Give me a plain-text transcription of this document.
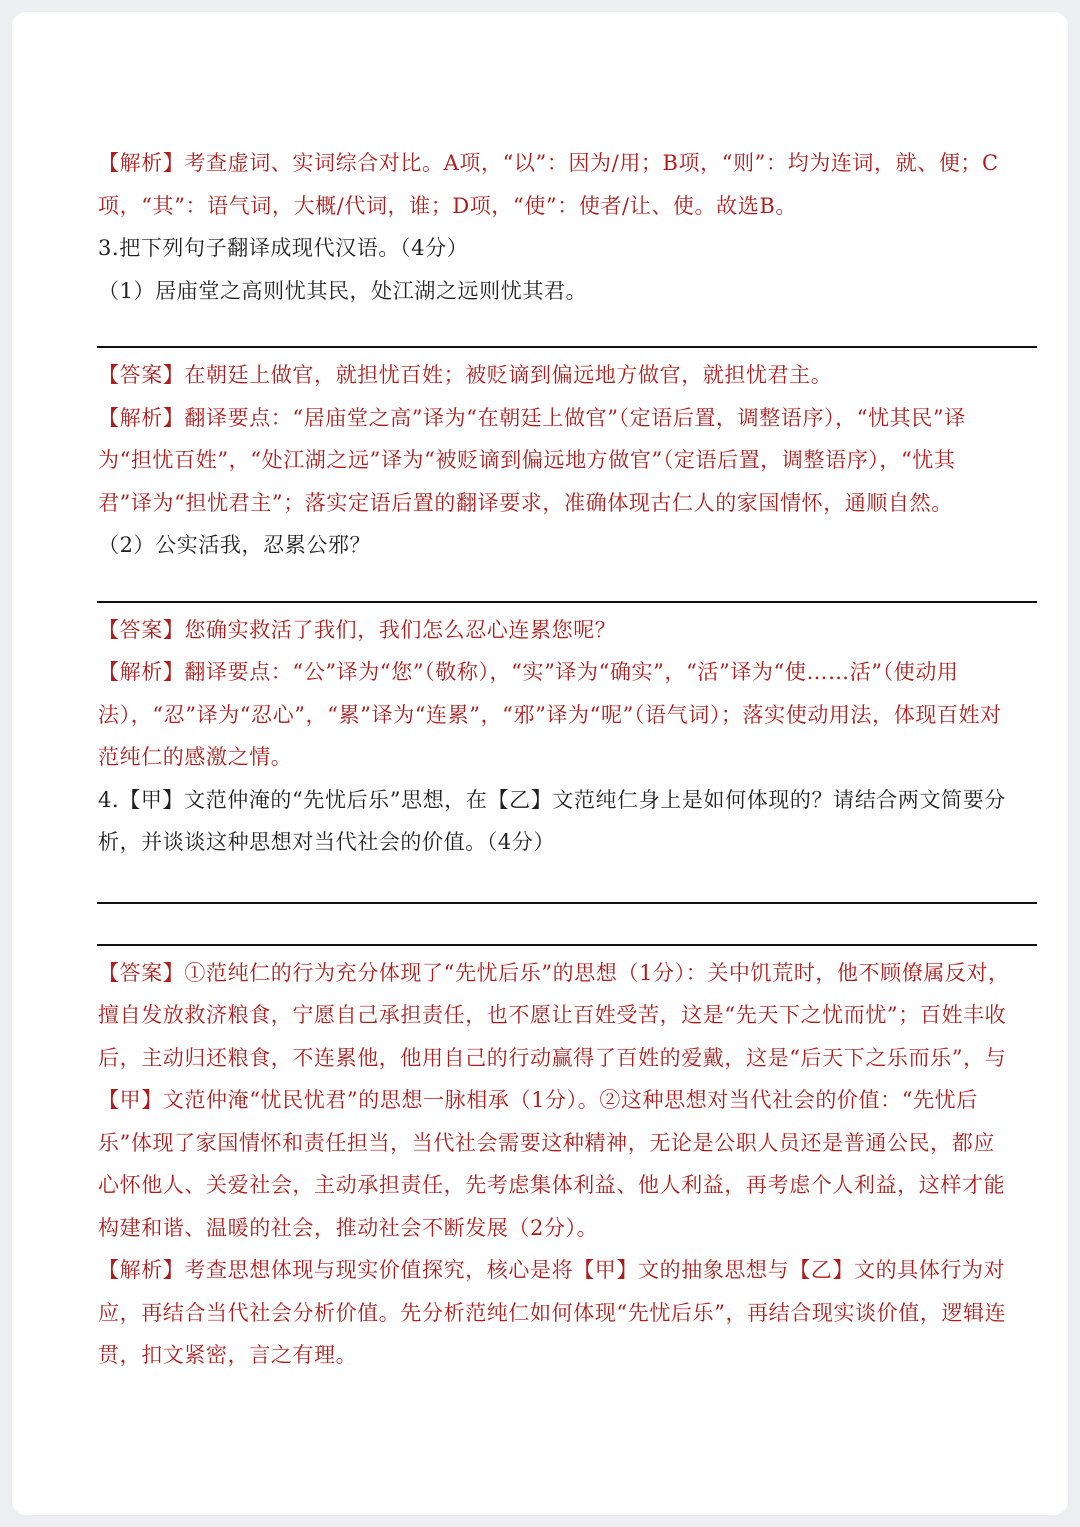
【解析】考查虚词、实词综合对比。A项，“以”：因为/用；B项，“则”：均为连词，就、便；C项，“其”：语气词，大概/代词，谁；D项，“使”：使者/让、使。故选B。

3.把下列句子翻译成现代汉语。（4分）

（1）居庙堂之高则忧其民，处江湖之远则忧其君。

【答案】在朝廷上做官，就担忧百姓；被贬谪到偏远地方做官，就担忧君主。

【解析】翻译要点：“居庙堂之高”译为“在朝廷上做官”（定语后置，调整语序），“忧其民”译为“担忧百姓”，“处江湖之远”译为“被贬谪到偏远地方做官”（定语后置，调整语序），“忧其君”译为“担忧君主”；落实定语后置的翻译要求，准确体现古仁人的家国情怀，通顺自然。

（2）公实活我，忍累公邪？

【答案】您确实救活了我们，我们怎么忍心连累您呢？

【解析】翻译要点：“公”译为“您”（敬称），“实”译为“确实”，“活”译为“使……活”（使动用法），“忍”译为“忍心”，“累”译为“连累”，“邪”译为“呢”（语气词）；落实使动用法，体现百姓对范纯仁的感激之情。

4.【甲】文范仲淹的“先忧后乐”思想，在【乙】文范纯仁身上是如何体现的？请结合两文简要分析，并谈谈这种思想对当代社会的价值。（4分）

【答案】①范纯仁的行为充分体现了“先忧后乐”的思想（1分）：关中饥荒时，他不顾僚属反对，擅自发放救济粮食，宁愿自己承担责任，也不愿让百姓受苦，这是“先天下之忧而忧”；百姓丰收后，主动归还粮食，不连累他，他用自己的行动赢得了百姓的爱戴，这是“后天下之乐而乐”，与【甲】文范仲淹“忧民忧君”的思想一脉相承（1分）。②这种思想对当代社会的价值：“先忧后乐”体现了家国情怀和责任担当，当代社会需要这种精神，无论是公职人员还是普通公民，都应心怀他人、关爱社会，主动承担责任，先考虑集体利益、他人利益，再考虑个人利益，这样才能构建和谐、温暖的社会，推动社会不断发展（2分）。

【解析】考查思想体现与现实价值探究，核心是将【甲】文的抽象思想与【乙】文的具体行为对应，再结合当代社会分析价值。先分析范纯仁如何体现“先忧后乐”，再结合现实谈价值，逻辑连贯，扣文紧密，言之有理。
